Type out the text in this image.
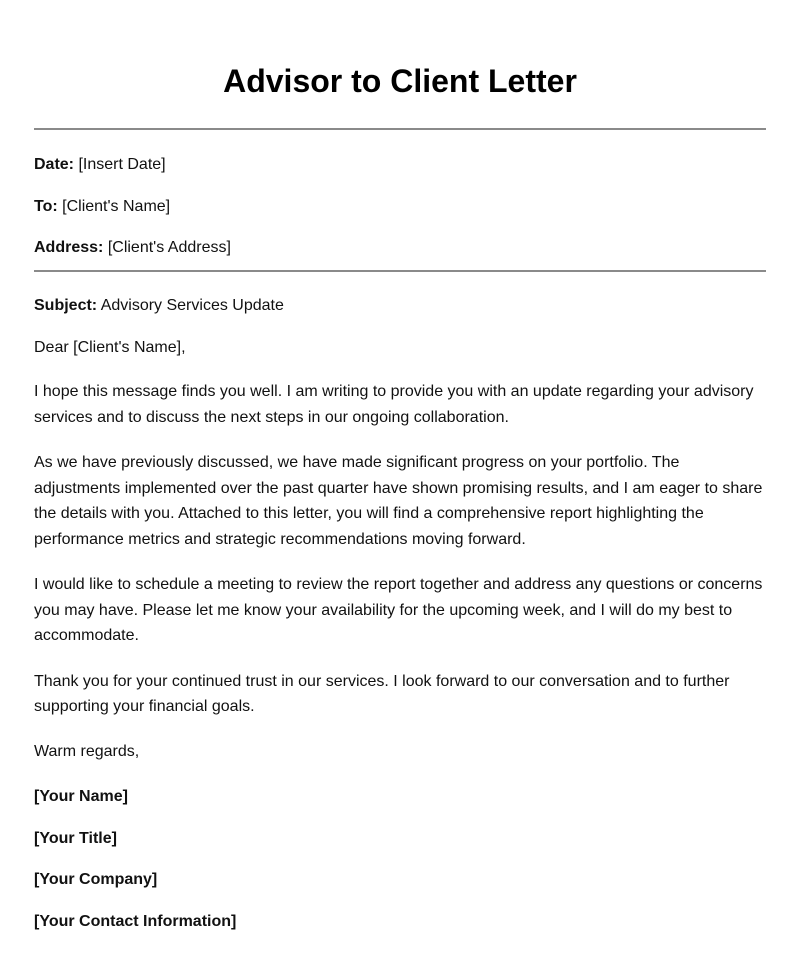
Advisor to Client Letter

Date: [Insert Date]

To: [Client's Name]

Address: [Client's Address]

Subject: Advisory Services Update

Dear [Client's Name],

I hope this message finds you well. I am writing to provide you with an update regarding your advisory services and to discuss the next steps in our ongoing collaboration.

As we have previously discussed, we have made significant progress on your portfolio. The adjustments implemented over the past quarter have shown promising results, and I am eager to share the details with you. Attached to this letter, you will find a comprehensive report highlighting the performance metrics and strategic recommendations moving forward.

I would like to schedule a meeting to review the report together and address any questions or concerns you may have. Please let me know your availability for the upcoming week, and I will do my best to accommodate.

Thank you for your continued trust in our services. I look forward to our conversation and to further supporting your financial goals.

Warm regards,

[Your Name]

[Your Title]

[Your Company]

[Your Contact Information]
